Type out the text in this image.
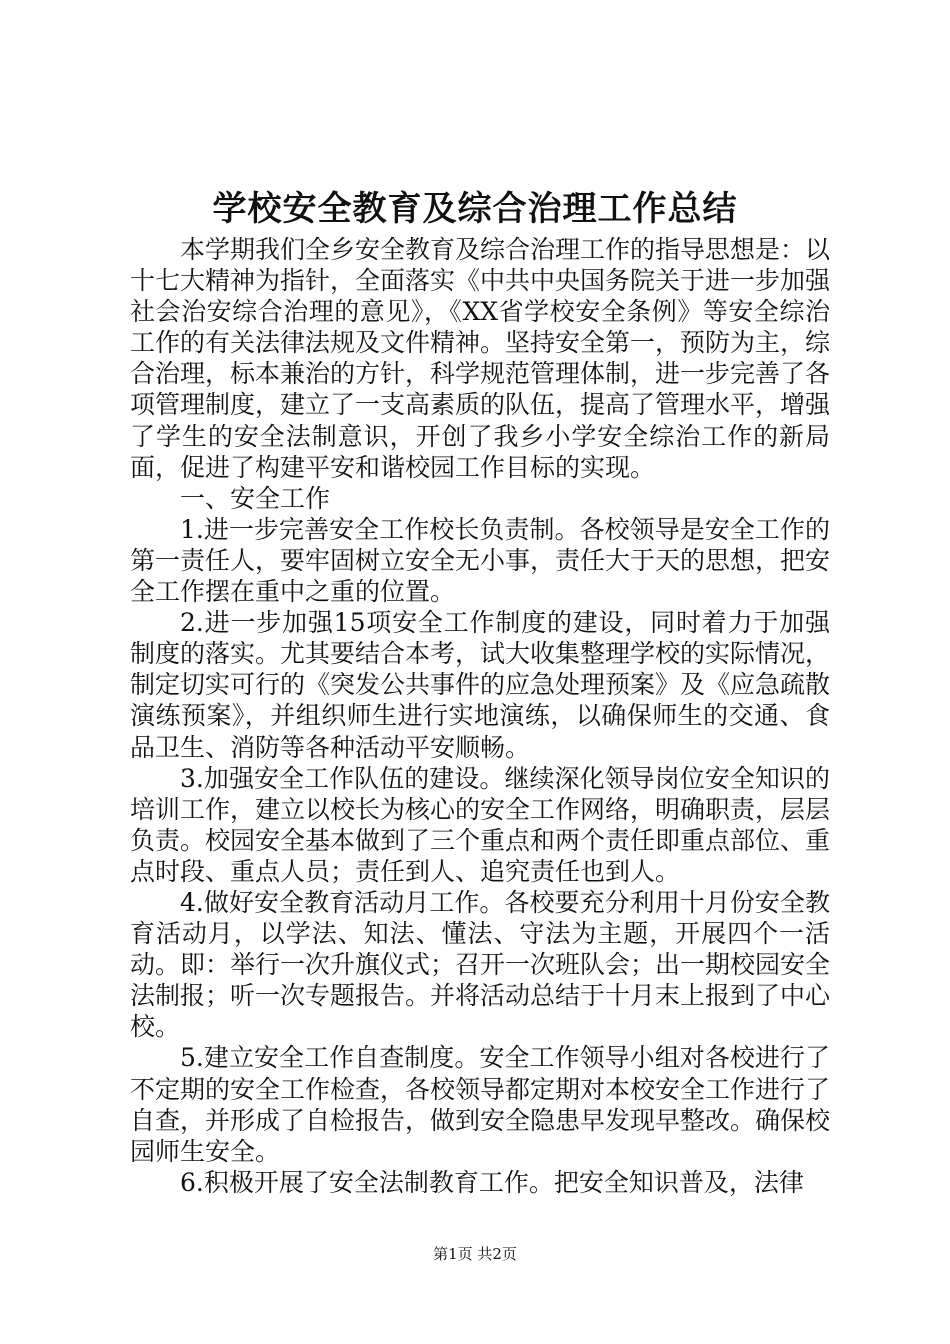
学校安全教育及综合治理工作总结

本学期我们全乡安全教育及综合治理工作的指导思想是：以十七大精神为指针，全面落实《中共中央国务院关于进一步加强社会治安综合治理的意见》，《XX省学校安全条例》等安全综治工作的有关法律法规及文件精神。坚持安全第一，预防为主，综合治理，标本兼治的方针，科学规范管理体制，进一步完善了各项管理制度，建立了一支高素质的队伍，提高了管理水平，增强了学生的安全法制意识，开创了我乡小学安全综治工作的新局面，促进了构建平安和谐校园工作目标的实现。

一、安全工作

1.进一步完善安全工作校长负责制。各校领导是安全工作的第一责任人，要牢固树立安全无小事，责任大于天的思想，把安全工作摆在重中之重的位置。

2.进一步加强15项安全工作制度的建设，同时着力于加强制度的落实。尤其要结合本考，试大收集整理学校的实际情况，制定切实可行的《突发公共事件的应急处理预案》及《应急疏散演练预案》，并组织师生进行实地演练，以确保师生的交通、食品卫生、消防等各种活动平安顺畅。

3.加强安全工作队伍的建设。继续深化领导岗位安全知识的培训工作，建立以校长为核心的安全工作网络，明确职责，层层负责。校园安全基本做到了三个重点和两个责任即重点部位、重点时段、重点人员；责任到人、追究责任也到人。

4.做好安全教育活动月工作。各校要充分利用十月份安全教育活动月，以学法、知法、懂法、守法为主题，开展四个一活动。即：举行一次升旗仪式；召开一次班队会；出一期校园安全法制报；听一次专题报告。并将活动总结于十月末上报到了中心校。

5.建立安全工作自查制度。安全工作领导小组对各校进行了不定期的安全工作检查，各校领导都定期对本校安全工作进行了自查，并形成了自检报告，做到安全隐患早发现早整改。确保校园师生安全。

6.积极开展了安全法制教育工作。把安全知识普及，法律

第1页 共2页
